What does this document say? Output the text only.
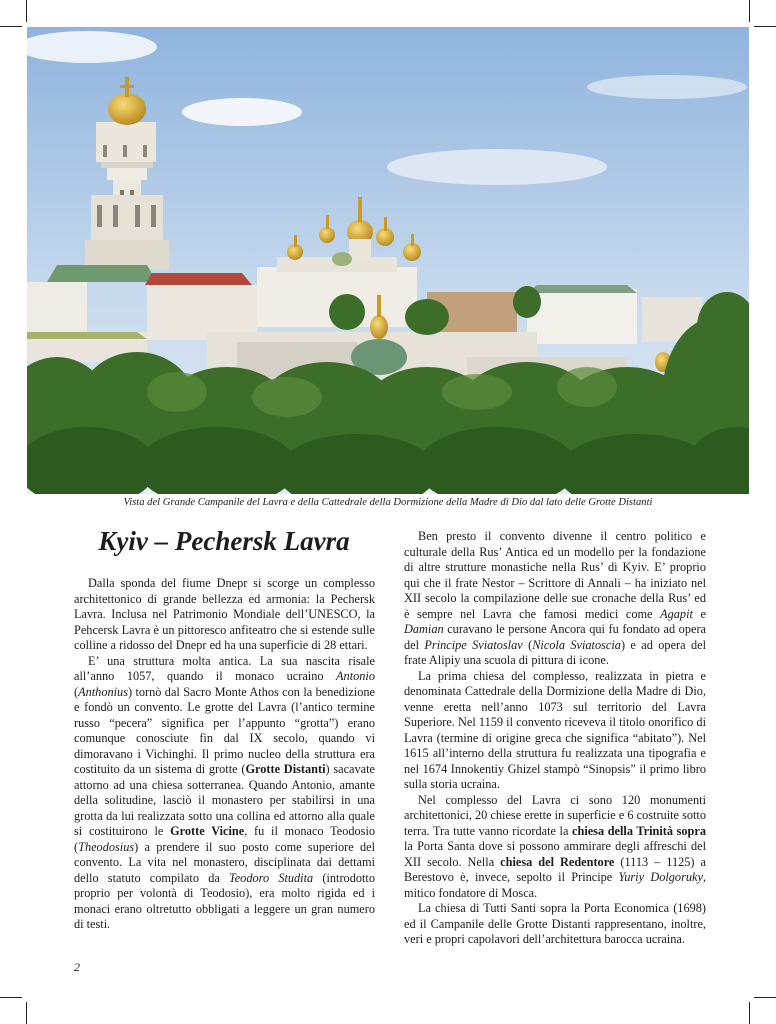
Vista del Grande Campanile del Lavra e della Cattedrale della Dormizione della Madre di Dio dal lato delle Grotte Distanti
Kyiv – Pechersk Lavra

Dalla sponda del fiume Dnepr si scorge un complesso architettonico di grande bellezza ed armonia: la Pechersk Lavra. Inclusa nel Patrimonio Mondiale dell’UNESCO, la Pehcersk Lavra è un pittoresco anfiteatro che si estende sulle colline a ridosso del Dnepr ed ha una superficie di 28 ettari.

E’ una struttura molta antica. La sua nascita risale all’anno 1057, quando il monaco ucraino Antonio (Anthonius) tornò dal Sacro Monte Athos con la benedizione e fondò un convento. Le grotte del Lavra (l’antico termine russo “pecera” significa per l’appunto “grotta”) erano comunque conosciute fin dal IX secolo, quando vi dimoravano i Vichinghi. Il primo nucleo della struttura era costituito da un sistema di grotte (Grotte Distanti) sacavate attorno ad una chiesa sotterranea. Quando Antonio, amante della solitudine, lasciò il monastero per stabilirsi in una grotta da lui realizzata sotto una collina ed attorno alla quale si costituirono le Grotte Vicine, fu il monaco Teodosio (Theodosius) a prendere il suo posto come superiore del convento. La vita nel monastero, disciplinata dai dettami dello statuto compilato da Teodoro Studita (introdotto proprio per volontà di Teodosio), era molto rigida ed i monaci erano oltretutto obbligati a leggere un gran numero di testi.

Ben presto il convento divenne il centro politico e culturale della Rus’ Antica ed un modello per la fondazione di altre strutture monastiche nella Rus’ di Kyiv. E’ proprio qui che il frate Nestor – Scrittore di Annali – ha iniziato nel XII secolo la compilazione delle sue cronache della Rus’ ed è sempre nel Lavra che famosi medici come Agapit e Damian curavano le persone Ancora qui fu fondato ad opera del Principe Sviatoslav (Nicola Sviatoscia) e ad opera del frate Alipiy una scuola di pittura di icone.

La prima chiesa del complesso, realizzata in pietra e denominata Cattedrale della Dormizione della Madre di Dio, venne eretta nell’anno 1073 sul territorio del Lavra Superiore. Nel 1159 il convento riceveva il titolo onorifico di Lavra (termine di origine greca che significa “abitato”). Nel 1615 all’interno della struttura fu realizzata una tipografia e nel 1674 Innokentiy Ghizel stampò “Sinopsis” il primo libro sulla storia ucraina.

Nel complesso del Lavra ci sono 120 monumenti architettonici, 20 chiese erette in superficie e 6 costruite sotto terra. Tra tutte vanno ricordate la chiesa della Trinità sopra la Porta Santa dove si possono ammirare degli affreschi del XII secolo. Nella chiesa del Redentore (1113 – 1125) a Berestovo è, invece, sepolto il Principe Yuriy Dolgoruky, mitico fondatore di Mosca.

La chiesa di Tutti Santi sopra la Porta Economica (1698) ed il Campanile delle Grotte Distanti rappresentano, inoltre, veri e propri capolavori dell’architettura barocca ucraina.

2
